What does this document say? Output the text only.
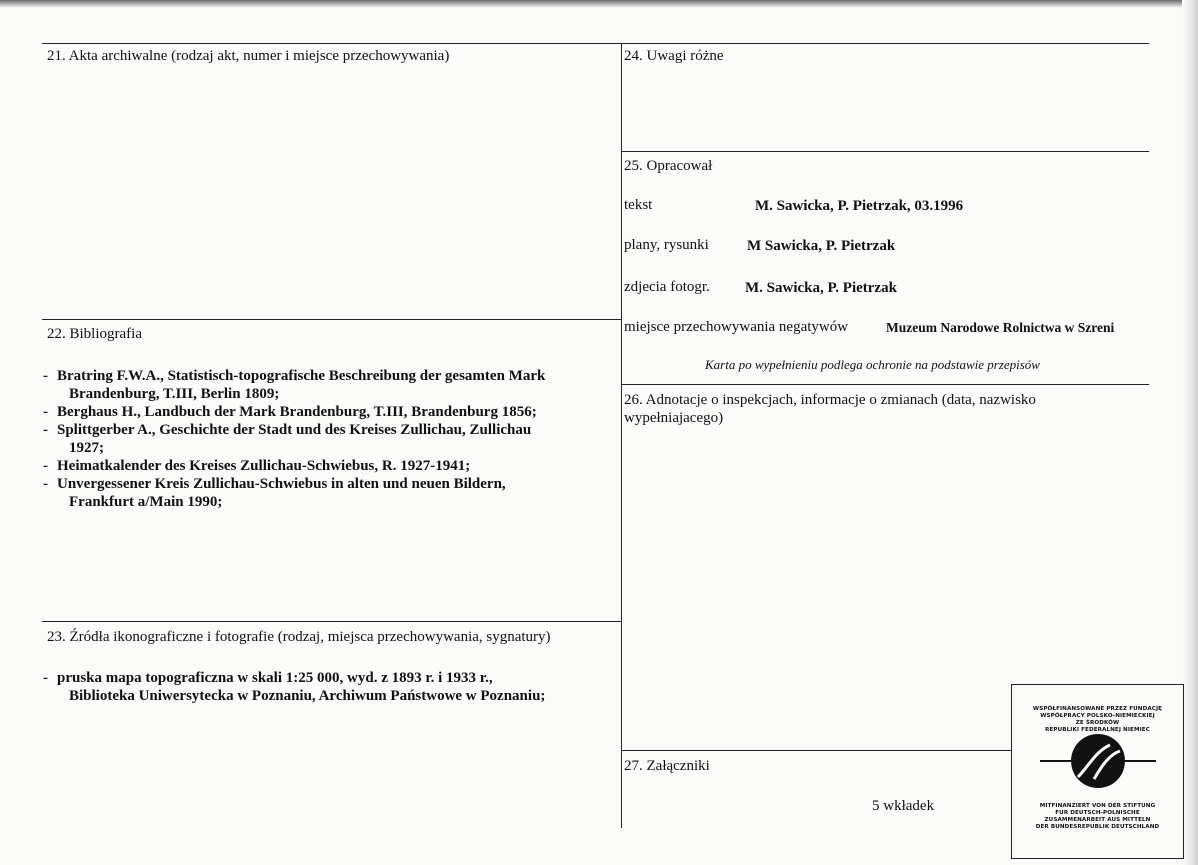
21. Akta archiwalne (rodzaj akt, numer i miejsce przechowywania)
22. Bibliografia
- Bratring F.W.A., Statistisch-topografische Beschreibung der gesamten Mark
Brandenburg, T.III, Berlin 1809;
- Berghaus H., Landbuch der Mark Brandenburg, T.III, Brandenburg 1856;
- Splittgerber A., Geschichte der Stadt und des Kreises Zullichau, Zullichau
1927;
- Heimatkalender des Kreises Zullichau-Schwiebus, R. 1927-1941;
- Unvergessener Kreis Zullichau-Schwiebus in alten und neuen Bildern,
Frankfurt a/Main 1990;
23. Źródła ikonograficzne i fotografie (rodzaj, miejsca przechowywania, sygnatury)
- pruska mapa topograficzna w skali 1:25 000, wyd. z 1893 r. i 1933 r.,
Biblioteka Uniwersytecka w Poznaniu, Archiwum Państwowe w Poznaniu;
24. Uwagi różne
25. Opracował
tekst	M. Sawicka, P. Pietrzak, 03.1996
plany, rysunki	M Sawicka, P. Pietrzak
zdjecia fotogr. M. Sawicka, P. Pietrzak
miejsce przechowywania negatywów	Muzeum Narodowe Rolnictwa w Szreni
Karta po wypełnieniu podlega ochronie na podstawie przepisów
26. Adnotacje o inspekcjach, informacje o zmianach (data, nazwisko
wypełniajacego)
27. Załączniki
5 wkładek
WSPÓŁFINANSOWANE PRZEZ FUNDACJĘ
WSPÓŁPRACY POLSKO-NIEMIECKIEJ
ZE ŚRODKÓW
REPUBLIKI FEDERALNEJ NIEMIEC
MITFINANZIERT VON DER STIFTUNG
FUR DEUTSCH-POLNISCHE
ZUSAMMENARBEIT AUS MITTELN
DER BUNDESREPUBLIK DEUTSCHLAND
